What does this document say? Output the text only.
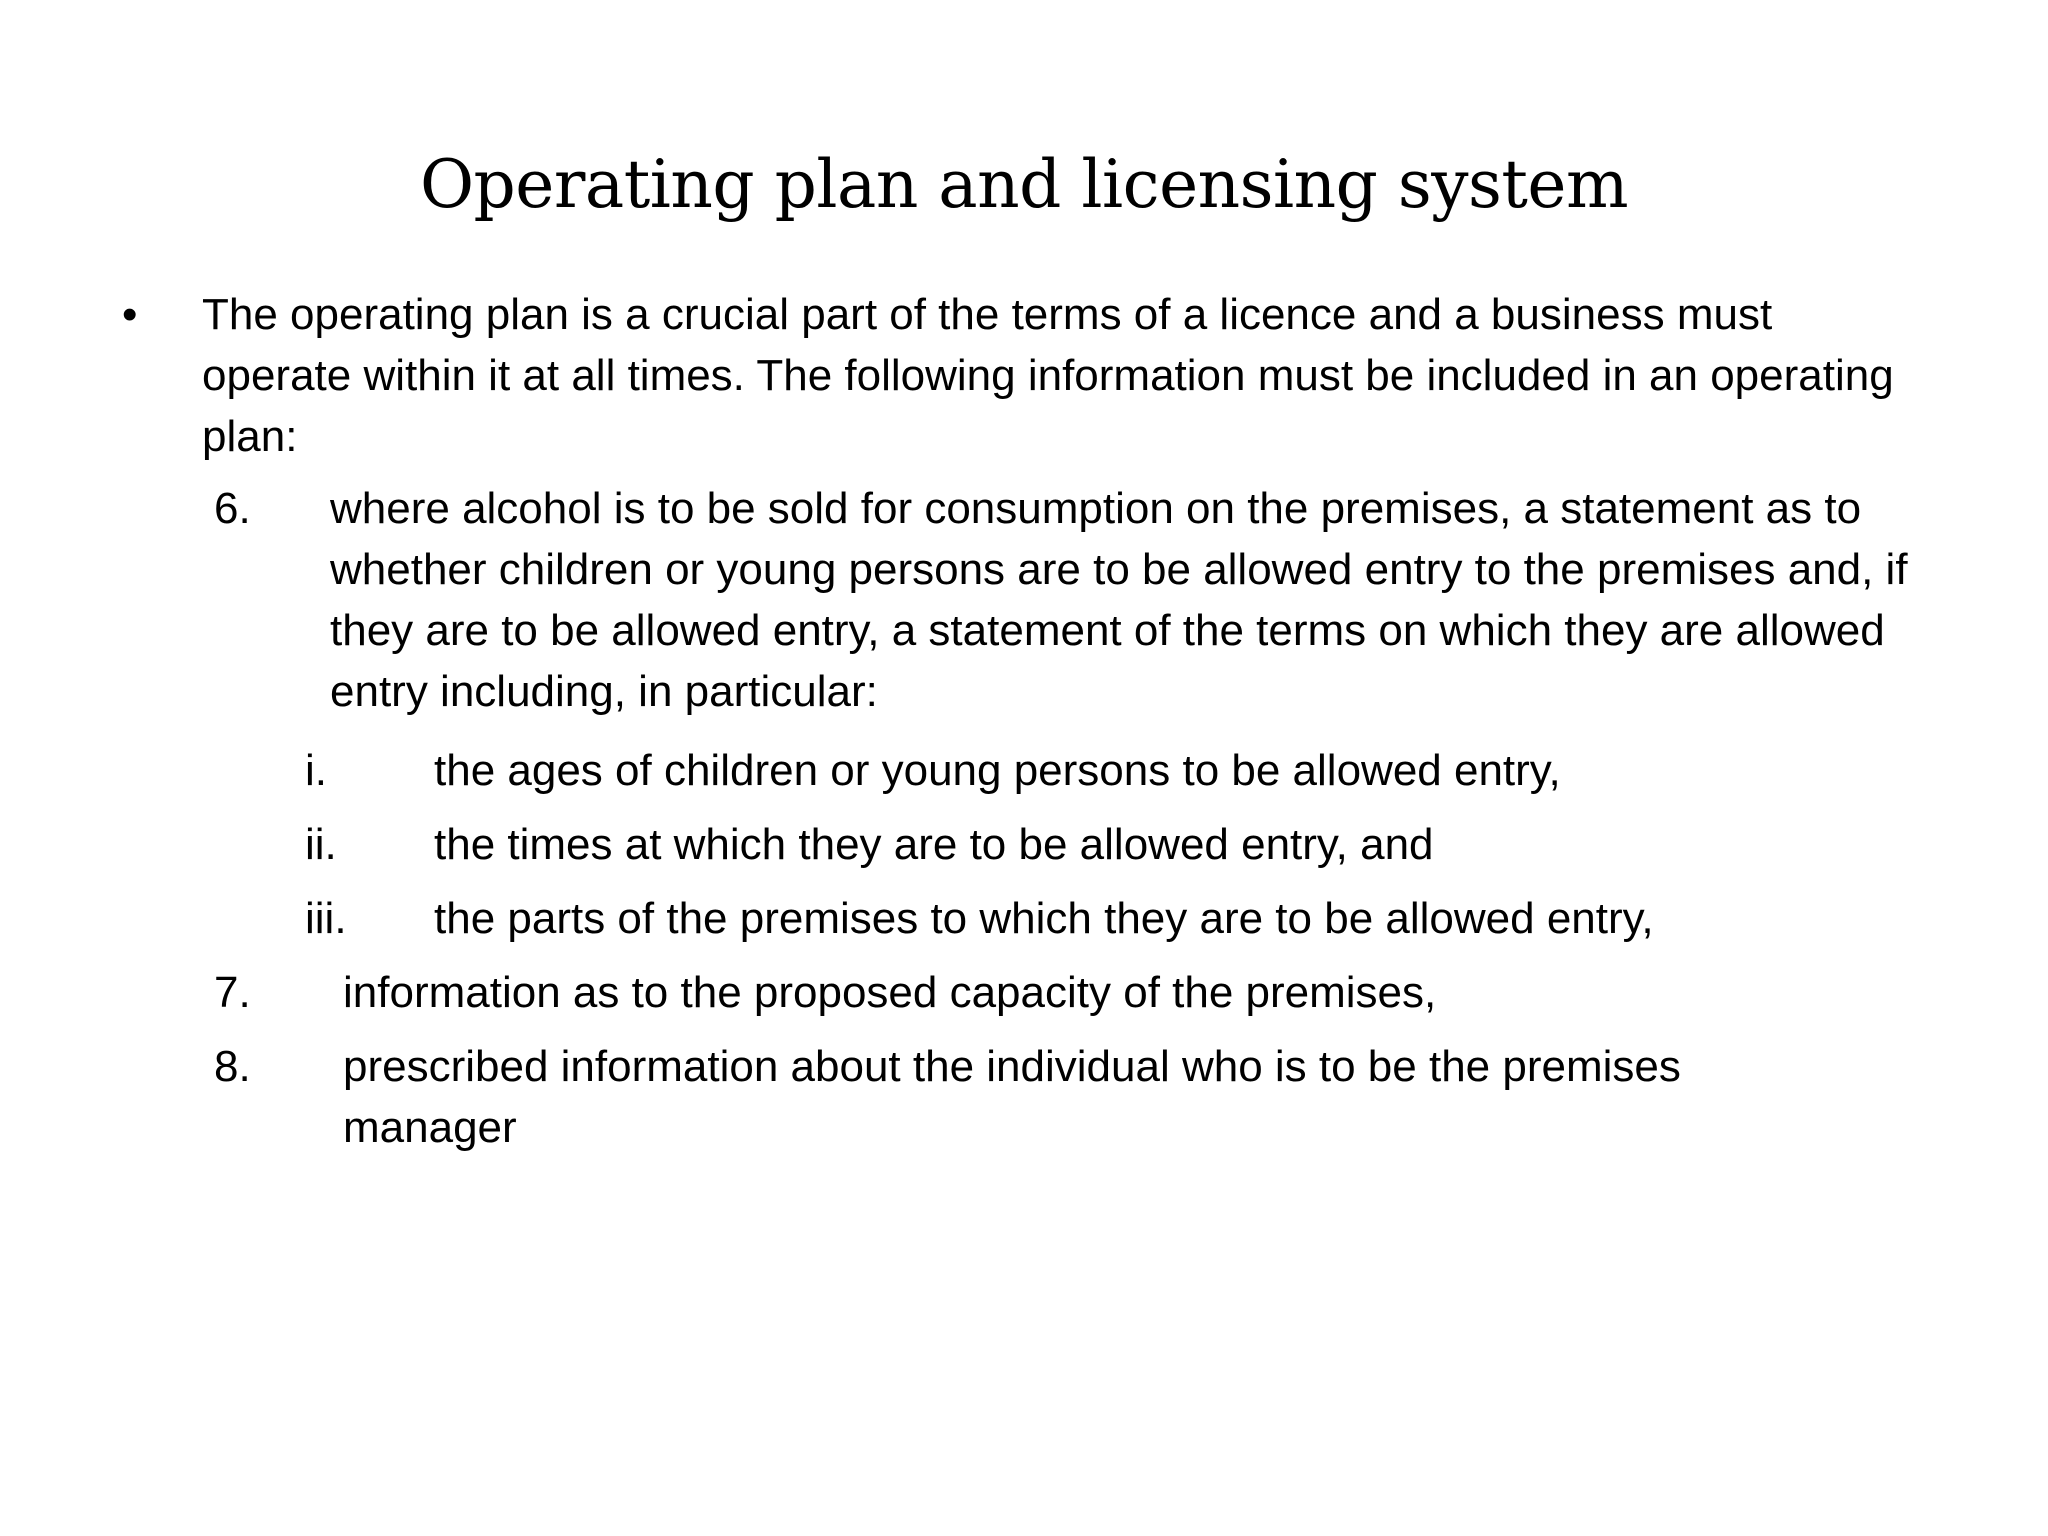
Operating plan and licensing system
•	The operating plan is a crucial part of the terms of a licence and a business must operate within it at all times. The following information must be included in an operating plan:
6.	where alcohol is to be sold for consumption on the premises, a statement as to whether children or young persons are to be allowed entry to the premises and, if they are to be allowed entry, a statement of the terms on which they are allowed entry including, in particular:
i.	the ages of children or young persons to be allowed entry,
ii.	the times at which they are to be allowed entry, and
iii.	the parts of the premises to which they are to be allowed entry,
7.	information as to the proposed capacity of the premises,
8.	prescribed information about the individual who is to be the premises manager
